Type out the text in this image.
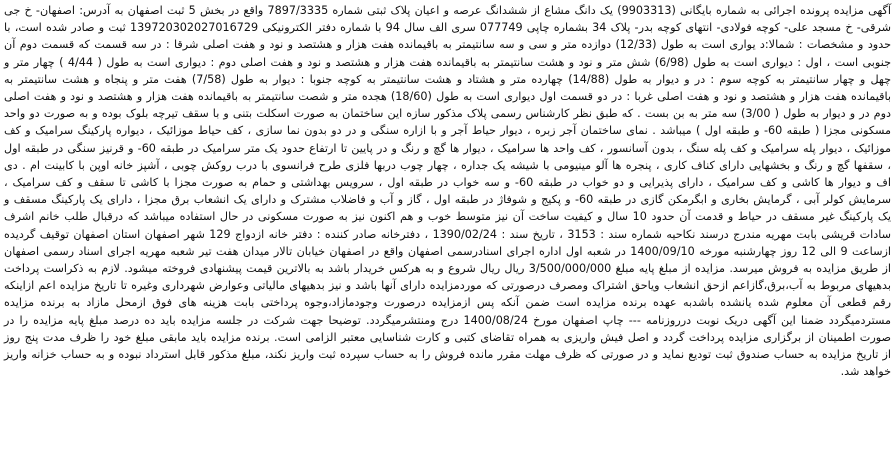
آگهی مزایده پرونده اجرائی به شماره بایگانی (9903313) یک دانگ مشاع از ششدانگ عرصه و اعیان پلاک ثبتی شماره 7897/3335 واقع در بخش 5 ثبت اصفهان به آدرس: اصفهان- خ جی شرقی- خ مسجد علی- کوچه فولادی- انتهای کوچه بدر- پلاک 34 بشماره چاپی 077749 سری الف سال 94 با شماره دفتر الکترونیکی 139720302027016729 ثبت و صادر شده است، با حدود و مشخصات : شمالا:د یواری است به طول (12/33) دوازده متر و سی و سه سانتیمتر به باقیمانده هفت هزار و هشتصد و نود و هفت اصلی شرقا : در سه قسمت که قسمت دوم آن جنوبی است ، اول : دیواری است به طول (6/98) شش متر و نود و هشت سانتیمتر به باقیمانده هفت هزار و هشتصد و نود و هفت اصلی دوم : دیواری است به طول ( 4/44 ) چهار متر و چهل و چهار سانتیمتر به کوچه سوم : در و دیوار به طول (14/88) چهارده متر و هشتاد و هشت سانتیمتر به کوچه جنوبا : دیوار به طول (7/58) هفت متر و پنجاه و هشت سانتیمتر به باقیمانده هفت هزار و هشتصد و نود و هفت اصلی غربا : در دو قسمت اول دیواری است به طول (18/60) هجده متر و شصت سانتیمتر به باقیمانده هفت هزار و هشتصد و نود و هفت اصلی دوم در و دیوار به طول ( 3/00) سه متر به بن بست . که طبق نظر کارشناس رسمی پلاک مذکور سازه این ساختمان به صورت اسکلت بتنی و با سقف تیرچه بلوک بوده و به صورت دو واحد مسکونی مجزا ( طبقه 60- و طبقه اول ) میباشد . نمای ساختمان آجر زبره ، دیوار حیاط آجر و با ازاره سنگی و در دو بدون نما سازی ، کف حیاط موزائیک ، دیواره پارکینگ سرامیک و کف موزائیک ، دیوار پله سرامیک و کف پله سنگ ، بدون آسانسور ، کف واحد ها سرامیک ، دیوار ها گچ و رنگ و در پایین تا ارتفاع حدود یک متر سرامیک در طبقه 60- و قرنیز سنگی در طبقه اول ، سقفها گچ و رنگ و بخشهایی دارای کناف کاری ، پنجره ها آلو مینیومی با شیشه یک جداره ، چهار چوب دربها فلزی طرح فرانسوی با درب روکش چوبی ، آشپز خانه اوپن با کابینت ام . دی اف و دیوار ها کاشی و کف سرامیک ، دارای پذیرایی و دو خواب در طبقه 60- و سه خواب در طبقه اول ، سرویس بهداشتی و حمام به صورت مجزا با کاشی تا سقف و کف سرامیک ، سرمایش کولر آبی ، گرمایش بخاری و ابگرمکن گازی در طبقه 60- و پکیج و شوفاژ در طبقه اول ، گاز و آب و فاضلاب مشترک و دارای یک انشعاب برق مجزا ، دارای یک پارکینگ مسقف و یک پارکینگ غیر مسقف در حیاط و قدمت آن حدود 10 سال و کیفیت ساخت آن نیز متوسط خوب و هم اکنون نیز به صورت مسکونی در حال استفاده میباشد که درقبال طلب خانم اشرف سادات قریشی بابت مهریه مندرج درسند نکاحیه شماره سند : 3153 ، تاریخ سند : 1390/02/24 ، دفترخانه صادر کننده : دفتر خانه ازدواج 129 شهر اصفهان استان اصفهان توقیف گردیده ازساعت 9 الی 12 روز چهارشنبه مورخه 1400/09/10 در شعبه اول اداره اجرای اسنادرسمی اصفهان واقع در اصفهان خیابان تالار میدان هفت تیر شعبه مهریه اجرای اسناد رسمی اصفهان از طریق مزایده به فروش میرسد. مزایده از مبلغ پایه مبلغ 3/500/000/000 ریال ریال شروع و به هرکس خریدار باشد به بالاترین قیمت پیشنهادی فروخته میشود. لازم به ذکراست پرداخت بدهیهای مربوط به آب،برق،گازاعم ازحق انشعاب ویاحق اشتراک ومصرف درصورتی که موردمزایده دارای آنها باشد و نیز بدهیهای مالیاتی وعوارض شهرداری وغیره تا تاریخ مزایده اعم ازاینکه رقم قطعی آن معلوم شده یانشده باشدبه عهده برنده مزایده است ضمن آنکه پس ازمزایده درصورت وجودمازاد،وجوه پرداختی بابت هزینه های فوق ازمحل مازاد به برنده مزایده مستردمیگردد ضمنا این آگهی دریک نوبت درروزنامه --- چاپ اصفهان مورخ 1400/08/24 درج ومنتشرمیگردد. توضیحا جهت شرکت در جلسه مزایده باید ده درصد مبلغ پایه مزایده را در صورت اطمینان از برگزاری مزایده پرداخت گردد و اصل فیش واریزی به همراه تقاضای کتبی و کارت شناسایی معتبر الزامی است. برنده مزایده باید مابقی مبلغ خود را ظرف مدت پنج روز از تاریخ مزایده به حساب صندوق ثبت تودیع نماید و در صورتی که ظرف مهلت مقرر مانده فروش را به حساب سپرده ثبت واریز نکند، مبلغ مذکور قابل استرداد نبوده و به حساب خزانه واریز خواهد شد.
